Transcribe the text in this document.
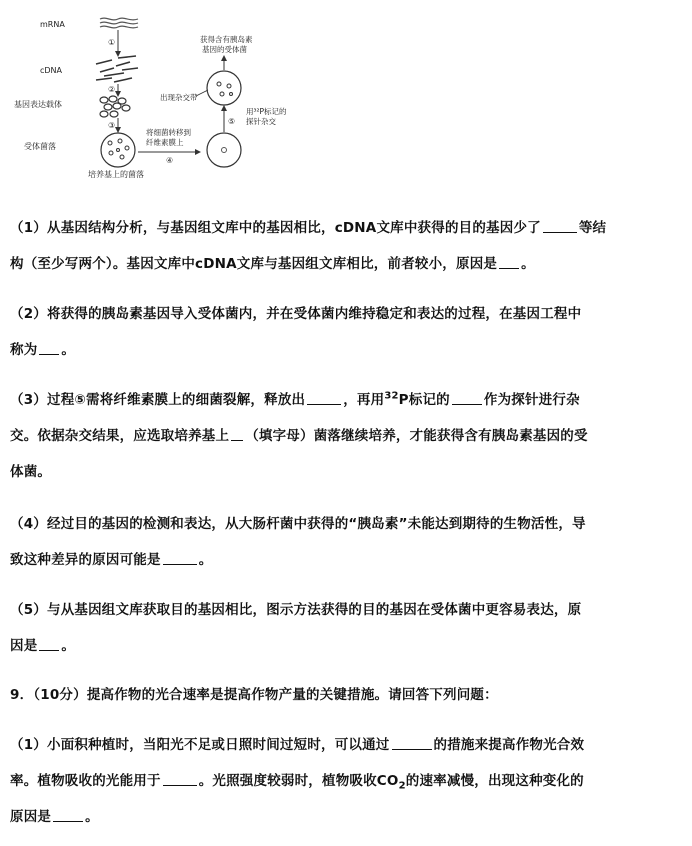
mRNA
cDNA
基因表达载体
受体菌落
①
②
③
培养基上的菌落
将细菌转移到
纤维素膜上
④
⑤
用³²P标记的
探针杂交
出现杂交带
获得含有胰岛素
基因的受体菌
（1）从基因结构分析，与基因组文库中的基因相比，cDNA文库中获得的目的基因少了	等结
构（至少写两个）。基因文库中cDNA文库与基因组文库相比，前者较小，原因是 。
（2）将获得的胰岛素基因导入受体菌内，并在受体菌内维持稳定和表达的过程，在基因工程中
称为 。
（3）过程⑤需将纤维素膜上的细菌裂解，释放出	，再用$^{32}$P标记的	作为探针进行杂
交。依据杂交结果，应选取培养基上 （填字母）菌落继续培养，才能获得含有胰岛素基因的受
体菌。
（4）经过目的基因的检测和表达，从大肠杆菌中获得的“胰岛素”未能达到期待的生物活性，导
致这种差异的原因可能是	。
（5）与从基因组文库获取目的基因相比，图示方法获得的目的基因在受体菌中更容易表达，原
因是 。
9．（10分）提高作物的光合速率是提高作物产量的关键措施。请回答下列问题：
（1）小面积种植时，当阳光不足或日照时间过短时，可以通过	的措施来提高作物光合效
率。植物吸收的光能用于	。光照强度较弱时，植物吸收$CO_2$的速率减慢，出现这种变化的
原因是	。
